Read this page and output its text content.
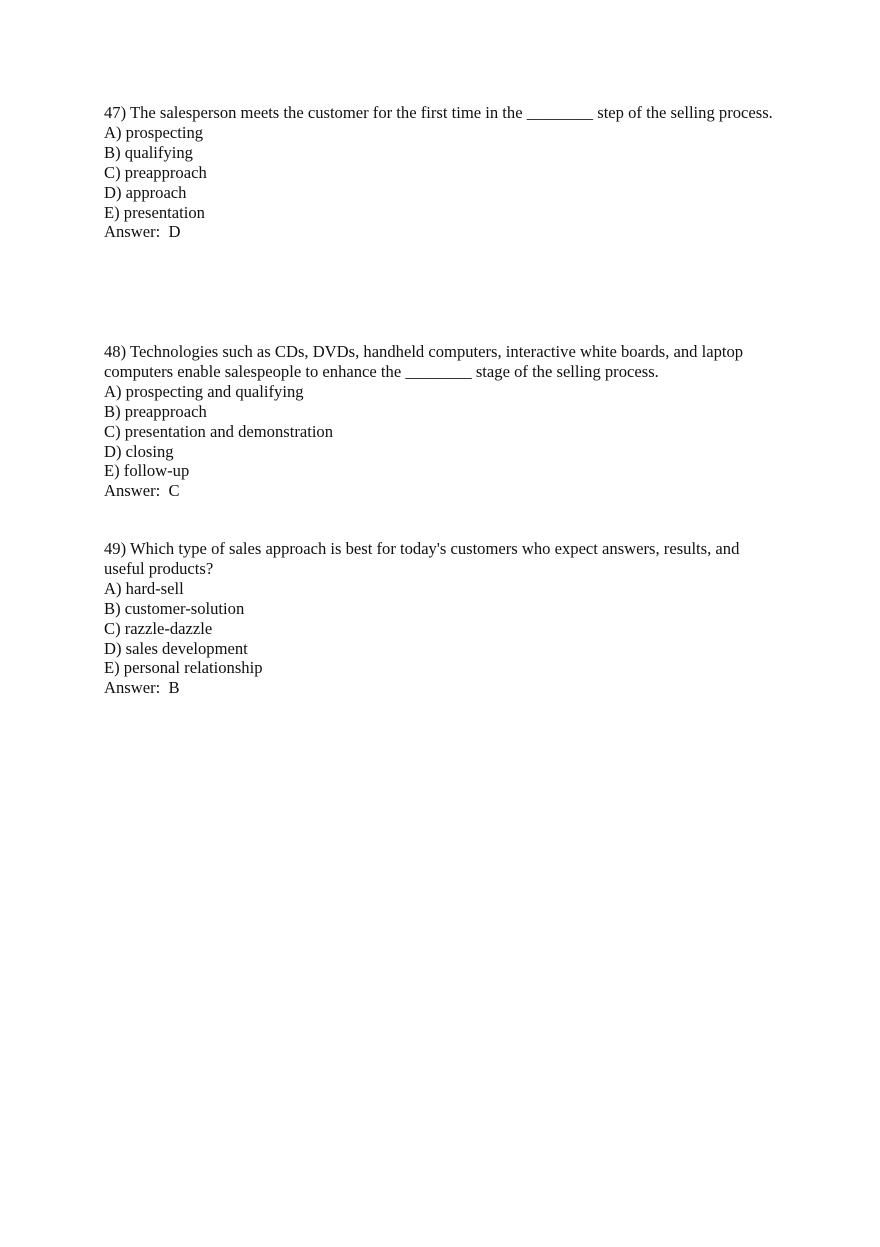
47) The salesperson meets the customer for the first time in the ________ step of the selling process.
A) prospecting
B) qualifying
C) preapproach
D) approach
E) presentation
Answer:  D
48) Technologies such as CDs, DVDs, handheld computers, interactive white boards, and laptop computers enable salespeople to enhance the ________ stage of the selling process.
A) prospecting and qualifying
B) preapproach
C) presentation and demonstration
D) closing
E) follow-up
Answer:  C
49) Which type of sales approach is best for today's customers who expect answers, results, and useful products?
A) hard-sell
B) customer-solution
C) razzle-dazzle
D) sales development
E) personal relationship
Answer:  B
